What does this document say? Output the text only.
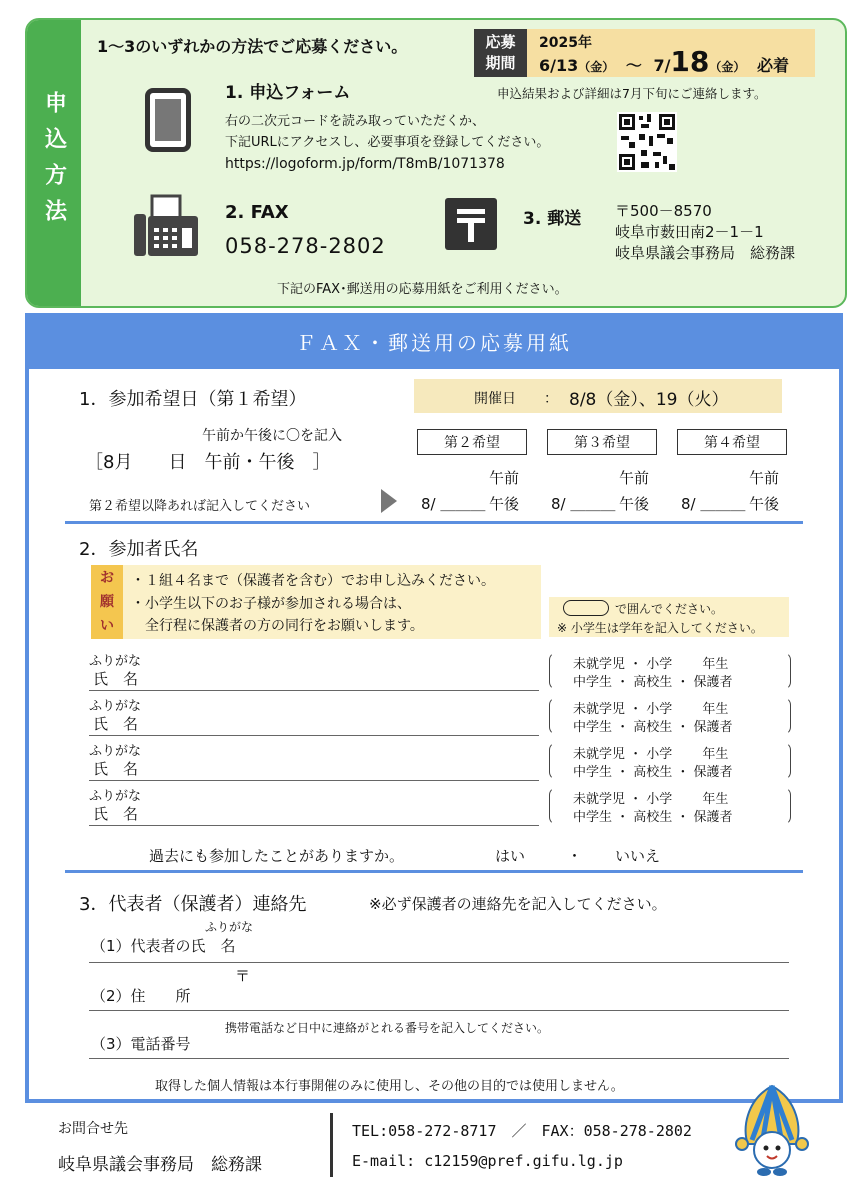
申込方法
1～3のいずれかの方法でご応募ください。	応募
期間
2025年
6/13（金） ～ 7/18（金） 必着
1. 申込フォーム	申込結果および詳細は7月下旬にご連絡します。
右の二次元コードを読み取っていただくか、
下記URLにアクセスし、必要事項を登録してください。
https://logoform.jp/form/T8mB/1071378
2. FAX
058-278-2802
3. 郵送 〒500－8570
岐阜市薮田南2－1－1
岐阜県議会事務局　総務課
下記のFAX･郵送用の応募用紙をご利用ください。
ＦＡＸ・郵送用の応募用紙
1．参加希望日（第１希望）	開催日 ： 8/8（金）、19（火）
午前か午後に〇を記入
［8月　　日　午前・午後　］
第２希望以降あれば記入してください
第２希望	第３希望	第４希望
午前	午前	午前
8/ ＿＿＿ 午後 8/ ＿＿＿ 午後 8/ ＿＿＿ 午後
2．参加者氏名
お
願
い
・１組４名まで（保護者を含む）でお申し込みください。
・小学生以下のお子様が参加される場合は、
　全行程に保護者の方の同行をお願いします。
で囲んでください。
※ 小学生は学年を記入してください。
ふりがな
氏　名
未就学児 ・ 小学　　 年生
中学生 ・ 高校生 ・ 保護者
ふりがな
氏　名
未就学児 ・ 小学　　 年生
中学生 ・ 高校生 ・ 保護者
ふりがな
氏　名
未就学児 ・ 小学　　 年生
中学生 ・ 高校生 ・ 保護者
ふりがな
氏　名
未就学児 ・ 小学　　 年生
中学生 ・ 高校生 ・ 保護者
過去にも参加したことがありますか。	はい	・ いいえ
3．代表者（保護者）連絡先	※必ず保護者の連絡先を記入してください。
ふりがな
（1）代表者の氏　名
〒
（2）住　　所
携帯電話など日中に連絡がとれる番号を記入してください。
（3）電話番号
取得した個人情報は本行事開催のみに使用し、その他の目的では使用しません。
お問合せ先
岐阜県議会事務局　総務課
TEL:058-272-8717　／　FAX：058-278-2802
E-mail: c12159@pref.gifu.lg.jp
